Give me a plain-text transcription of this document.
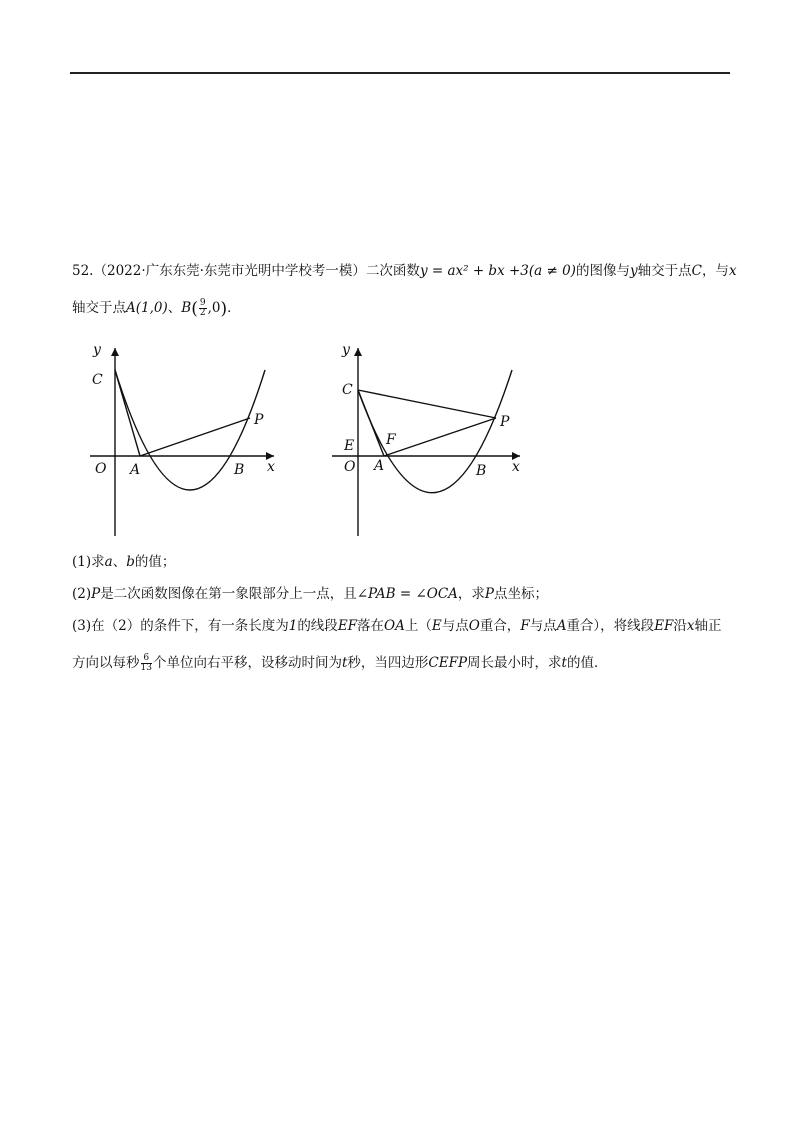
52.（2022·广东东莞·东莞市光明中学校考一模）二次函数y = ax² + bx +3(a ≠ 0)的图像与y轴交于点C，与x
轴交于点A(1,0)、$B( \frac{9}{2} ,0)$．
y
x
C
O A	B
P
y
x
C
E
O A
F
B
P
(1)求a、b的值；
(2)P是二次函数图像在第一象限部分上一点，且∠PAB = ∠OCA，求P点坐标；
(3)在（2）的条件下，有一条长度为1的线段EF落在OA上（E与点O重合，F与点A重合），将线段EF沿x轴正
方向以每秒 $\frac{6}{13}$ 个单位向右平移，设移动时间为t秒，当四边形CEFP周长最小时，求t的值．
